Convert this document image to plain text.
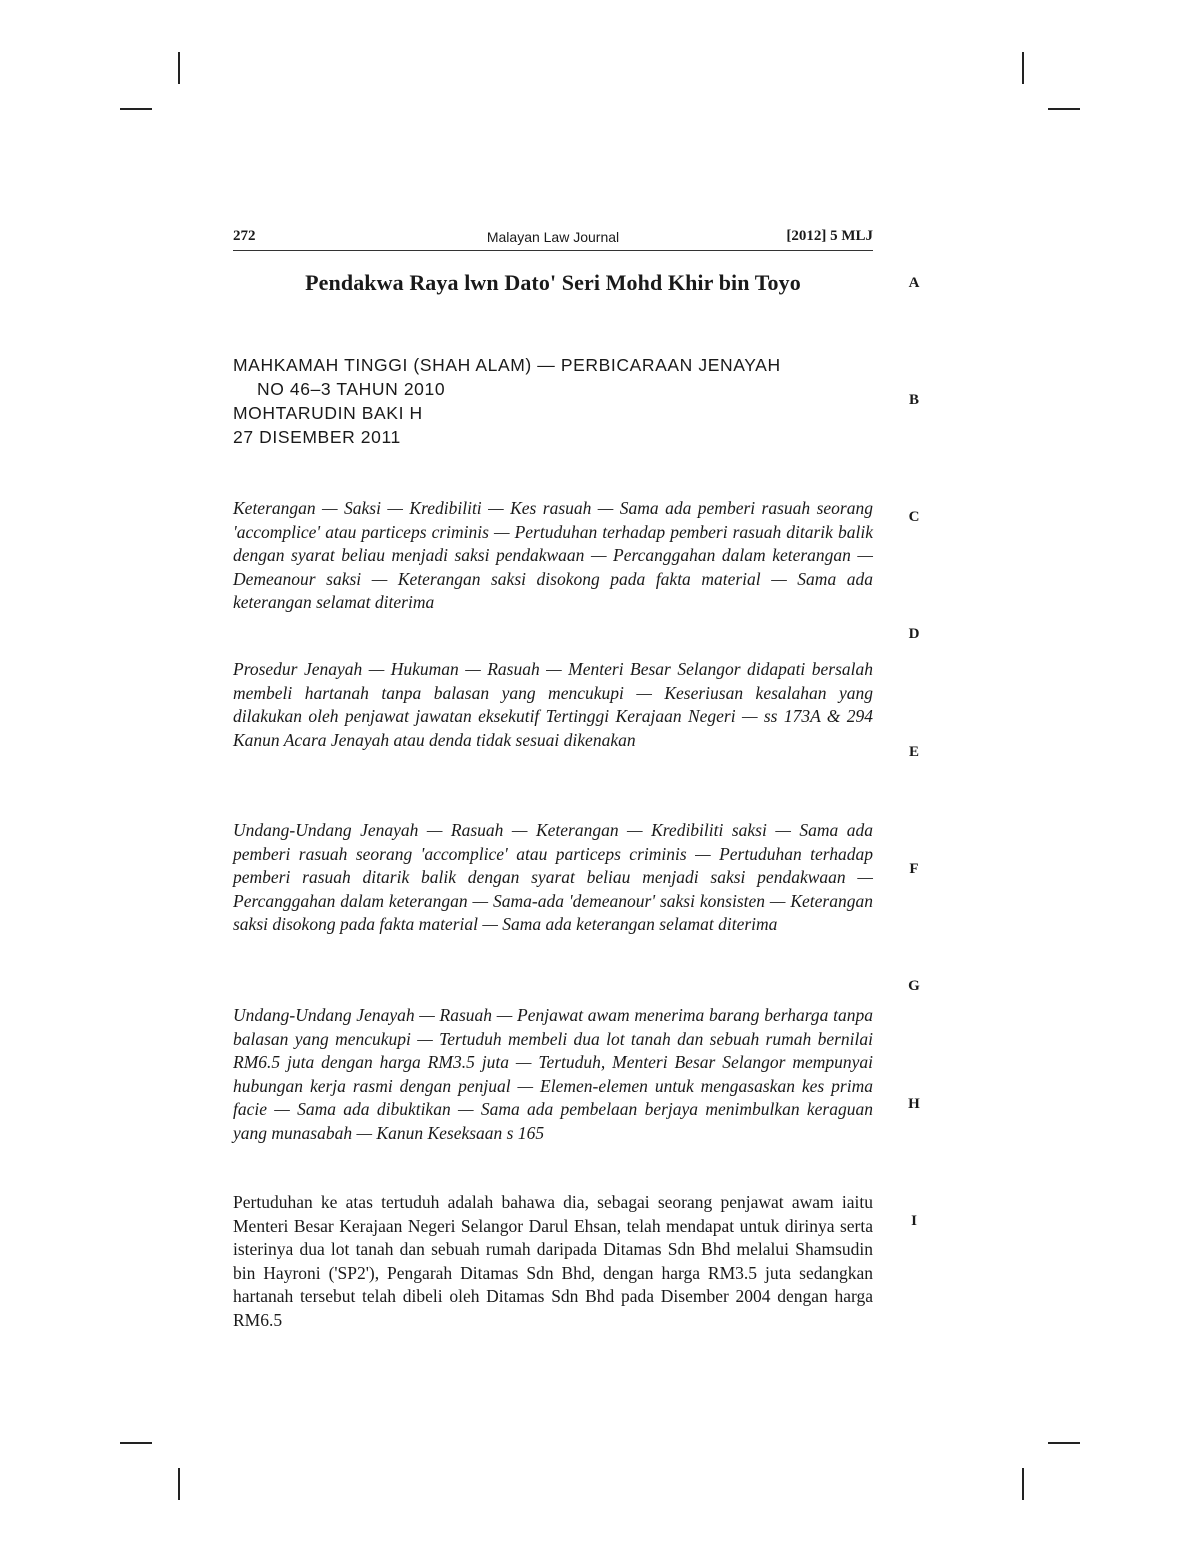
272	Malayan Law Journal	[2012] 5 MLJ
Pendakwa Raya lwn Dato' Seri Mohd Khir bin Toyo
MAHKAMAH TINGGI (SHAH ALAM) — PERBICARAAN JENAYAH
NO 46–3 TAHUN 2010
MOHTARUDIN BAKI H
27 DISEMBER 2011
Keterangan — Saksi — Kredibiliti — Kes rasuah — Sama ada pemberi rasuah seorang 'accomplice' atau particeps criminis — Pertuduhan terhadap pemberi rasuah ditarik balik dengan syarat beliau menjadi saksi pendakwaan — Percanggahan dalam keterangan — Demeanour saksi — Keterangan saksi disokong pada fakta material — Sama ada keterangan selamat diterima
Prosedur Jenayah — Hukuman — Rasuah — Menteri Besar Selangor didapati bersalah membeli hartanah tanpa balasan yang mencukupi — Keseriusan kesalahan yang dilakukan oleh penjawat jawatan eksekutif Tertinggi Kerajaan Negeri — ss 173A & 294 Kanun Acara Jenayah atau denda tidak sesuai dikenakan
Undang-Undang Jenayah — Rasuah — Keterangan — Kredibiliti saksi — Sama ada pemberi rasuah seorang 'accomplice' atau particeps criminis — Pertuduhan terhadap pemberi rasuah ditarik balik dengan syarat beliau menjadi saksi pendakwaan — Percanggahan dalam keterangan — Sama-ada 'demeanour' saksi konsisten — Keterangan saksi disokong pada fakta material — Sama ada keterangan selamat diterima
Undang-Undang Jenayah — Rasuah — Penjawat awam menerima barang berharga tanpa balasan yang mencukupi — Tertuduh membeli dua lot tanah dan sebuah rumah bernilai RM6.5 juta dengan harga RM3.5 juta — Tertuduh, Menteri Besar Selangor mempunyai hubungan kerja rasmi dengan penjual — Elemen-elemen untuk mengasaskan kes prima facie — Sama ada dibuktikan — Sama ada pembelaan berjaya menimbulkan keraguan yang munasabah — Kanun Keseksaan s 165
Pertuduhan ke atas tertuduh adalah bahawa dia, sebagai seorang penjawat awam iaitu Menteri Besar Kerajaan Negeri Selangor Darul Ehsan, telah mendapat untuk dirinya serta isterinya dua lot tanah dan sebuah rumah daripada Ditamas Sdn Bhd melalui Shamsudin bin Hayroni ('SP2'), Pengarah Ditamas Sdn Bhd, dengan harga RM3.5 juta sedangkan hartanah tersebut telah dibeli oleh Ditamas Sdn Bhd pada Disember 2004 dengan harga RM6.5
A
B
C
D
E
F
G
H
I
